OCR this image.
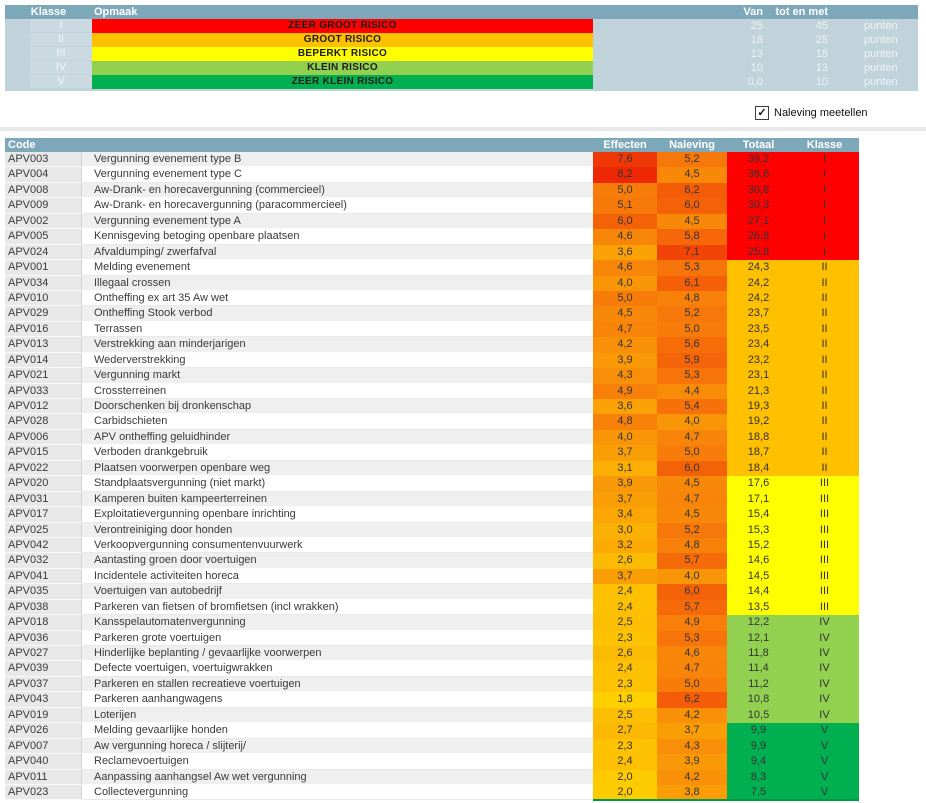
Klasse	Opmaak	Van	tot en met
I	ZEER GROOT RISICO	25	45	punten
II	GROOT RISICO	18	25	punten
III	BEPERKT RISICO	13	18	punten
IV	KLEIN RISICO	10	13	punten
V	ZEER KLEIN RISICO	0,0	10	punten
✓ Naleving meetellen
Code	Effecten	Naleving	Totaal	Klasse
APV003	Vergunning evenement type B	7,6	5,2	39,2	I
APV004	Vergunning evenement type C	8,2	4,5	36,6	I
APV008	Aw-Drank- en horecavergunning (commercieel)	5,0	6,2	30,8	I
APV009	Aw-Drank- en horecavergunning (paracommercieel)	5,1	6,0	30,3	I
APV002	Vergunning evenement type A	6,0	4,5	27,1	I
APV005	Kennisgeving betoging openbare plaatsen	4,6	5,8	26,8	I
APV024	Afvaldumping/ zwerfafval	3,6	7,1	25,8	I
APV001	Melding evenement	4,6	5,3	24,3	II
APV034	Illegaal crossen	4,0	6,1	24,2	II
APV010	Ontheffing ex art 35 Aw wet	5,0	4,8	24,2	II
APV029	Ontheffing Stook verbod	4,5	5,2	23,7	II
APV016	Terrassen	4,7	5,0	23,5	II
APV013	Verstrekking aan minderjarigen	4,2	5,6	23,4	II
APV014	Wederverstrekking	3,9	5,9	23,2	II
APV021	Vergunning markt	4,3	5,3	23,1	II
APV033	Crossterreinen	4,9	4,4	21,3	II
APV012	Doorschenken bij dronkenschap	3,6	5,4	19,3	II
APV028	Carbidschieten	4,8	4,0	19,2	II
APV006	APV ontheffing geluidhinder	4,0	4,7	18,8	II
APV015	Verboden drankgebruik	3,7	5,0	18,7	II
APV022	Plaatsen voorwerpen openbare weg	3,1	6,0	18,4	II
APV020	Standplaatsvergunning (niet markt)	3,9	4,5	17,6	III
APV031	Kamperen buiten kampeerterreinen	3,7	4,7	17,1	III
APV017	Exploitatievergunning openbare inrichting	3,4	4,5	15,4	III
APV025	Verontreiniging door honden	3,0	5,2	15,3	III
APV042	Verkoopvergunning consumentenvuurwerk	3,2	4,8	15,2	III
APV032	Aantasting groen door voertuigen	2,6	5,7	14,6	III
APV041	Incidentele activiteiten horeca	3,7	4,0	14,5	III
APV035	Voertuigen van autobedrijf	2,4	6,0	14,4	III
APV038	Parkeren van fietsen of bromfietsen (incl wrakken)	2,4	5,7	13,5	III
APV018	Kansspelautomatenvergunning	2,5	4,9	12,2	IV
APV036	Parkeren grote voertuigen	2,3	5,3	12,1	IV
APV027	Hinderlijke beplanting / gevaarlijke voorwerpen	2,6	4,6	11,8	IV
APV039	Defecte voertuigen, voertuigwrakken	2,4	4,7	11,4	IV
APV037	Parkeren en stallen recreatieve voertuigen	2,3	5,0	11,2	IV
APV043	Parkeren aanhangwagens	1,8	6,2	10,8	IV
APV019	Loterijen	2,5	4,2	10,5	IV
APV026	Melding gevaarlijke honden	2,7	3,7	9,9	V
APV007	Aw vergunning horeca / slijterij/	2,3	4,3	9,9	V
APV040	Reclamevoertuigen	2,4	3,9	9,4	V
APV011	Aanpassing aanhangsel Aw wet vergunning	2,0	4,2	8,3	V
APV023	Collectevergunning	2,0	3,8	7,5	V
